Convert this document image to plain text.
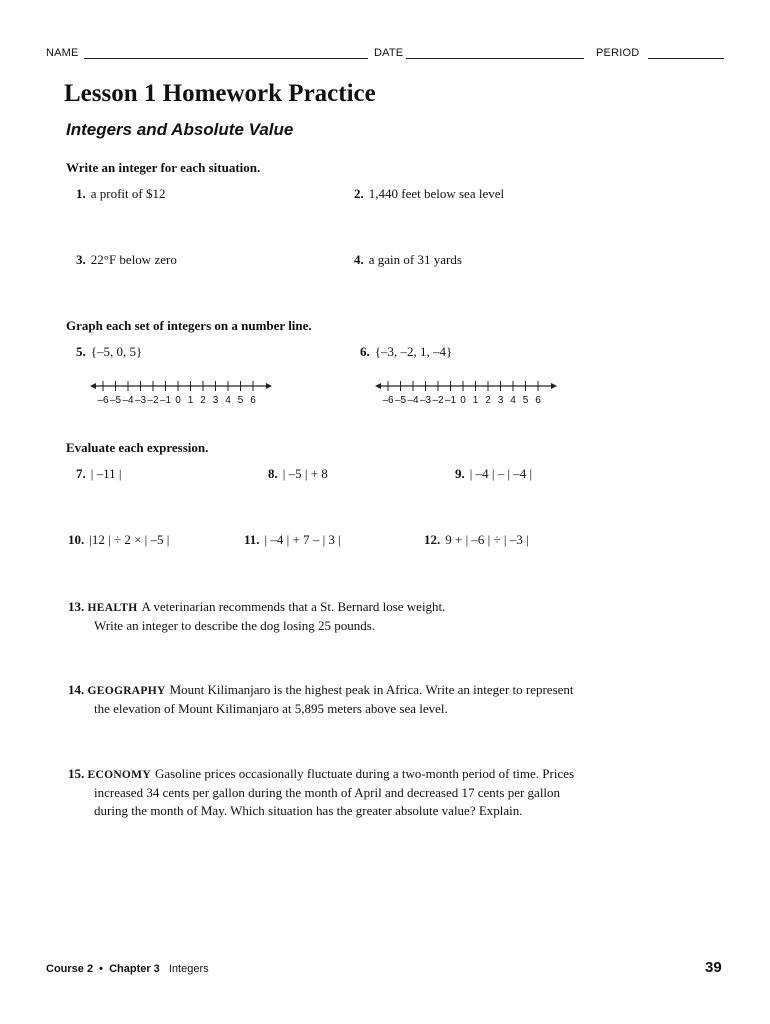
NAME	DATE	PERIOD
Lesson 1 Homework Practice
Integers and Absolute Value
Write an integer for each situation.
1. a profit of $12	2. 1,440 feet below sea level
3. 22°F below zero	4. a gain of 31 yards
Graph each set of integers on a number line.
5. {–5, 0, 5}	6. {–3, –2, 1, –4}
–6 –5 –4 –3 –2 –1 0 1 2 3 4 5 6	–6 –5 –4 –3 –2 –1 0 1 2 3 4 5 6
Evaluate each expression.
7. | –11 |	8. | –5 | + 8	9. | –4 | – | –4 |
10. |12 | ÷ 2 × | –5 |	11. | –4 | + 7 – | 3 |	12. 9 + | –6 | ÷ | –3 |
13. HEALTH A veterinarian recommends that a St. Bernard lose weight.
Write an integer to describe the dog losing 25 pounds.
14. GEOGRAPHY Mount Kilimanjaro is the highest peak in Africa. Write an integer to represent
the elevation of Mount Kilimanjaro at 5,895 meters above sea level.
15. ECONOMY Gasoline prices occasionally fluctuate during a two-month period of time. Prices
increased 34 cents per gallon during the month of April and decreased 17 cents per gallon
during the month of May. Which situation has the greater absolute value? Explain.
Course 2 • Chapter 3 Integers	39
